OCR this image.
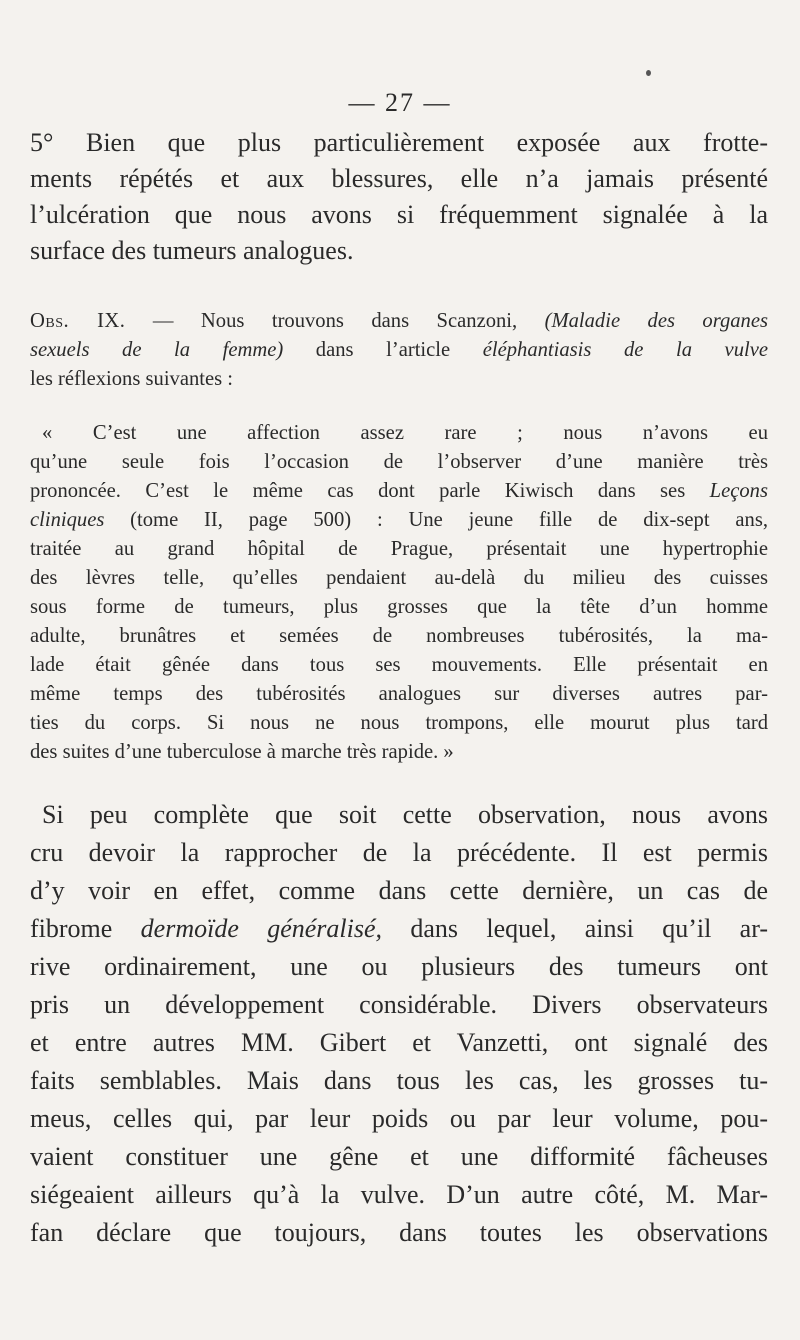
— 27 —
5° Bien que plus particulièrement exposée aux frotte-
ments répétés et aux blessures, elle n’a jamais présenté
l’ulcération que nous avons si fréquemment signalée à la
surface des tumeurs analogues.
Obs. IX. — Nous trouvons dans Scanzoni, (Maladie des organes
sexuels de la femme) dans l’article éléphantiasis de la vulve
les réflexions suivantes :
« C’est une affection assez rare ; nous n’avons eu
qu’une seule fois l’occasion de l’observer d’une manière très
prononcée. C’est le même cas dont parle Kiwisch dans ses Leçons
cliniques (tome II, page 500) : Une jeune fille de dix-sept ans,
traitée au grand hôpital de Prague, présentait une hypertrophie
des lèvres telle, qu’elles pendaient au-delà du milieu des cuisses
sous forme de tumeurs, plus grosses que la tête d’un homme
adulte, brunâtres et semées de nombreuses tubérosités, la ma-
lade était gênée dans tous ses mouvements. Elle présentait en
même temps des tubérosités analogues sur diverses autres par-
ties du corps. Si nous ne nous trompons, elle mourut plus tard
des suites d’une tuberculose à marche très rapide. »
Si peu complète que soit cette observation, nous avons
cru devoir la rapprocher de la précédente. Il est permis
d’y voir en effet, comme dans cette dernière, un cas de
fibrome dermoïde généralisé, dans lequel, ainsi qu’il ar-
rive ordinairement, une ou plusieurs des tumeurs ont
pris un développement considérable. Divers observateurs
et entre autres MM. Gibert et Vanzetti, ont signalé des
faits semblables. Mais dans tous les cas, les grosses tu-
meus, celles qui, par leur poids ou par leur volume, pou-
vaient constituer une gêne et une difformité fâcheuses
siégeaient ailleurs qu’à la vulve. D’un autre côté, M. Mar-
fan déclare que toujours, dans toutes les observations
